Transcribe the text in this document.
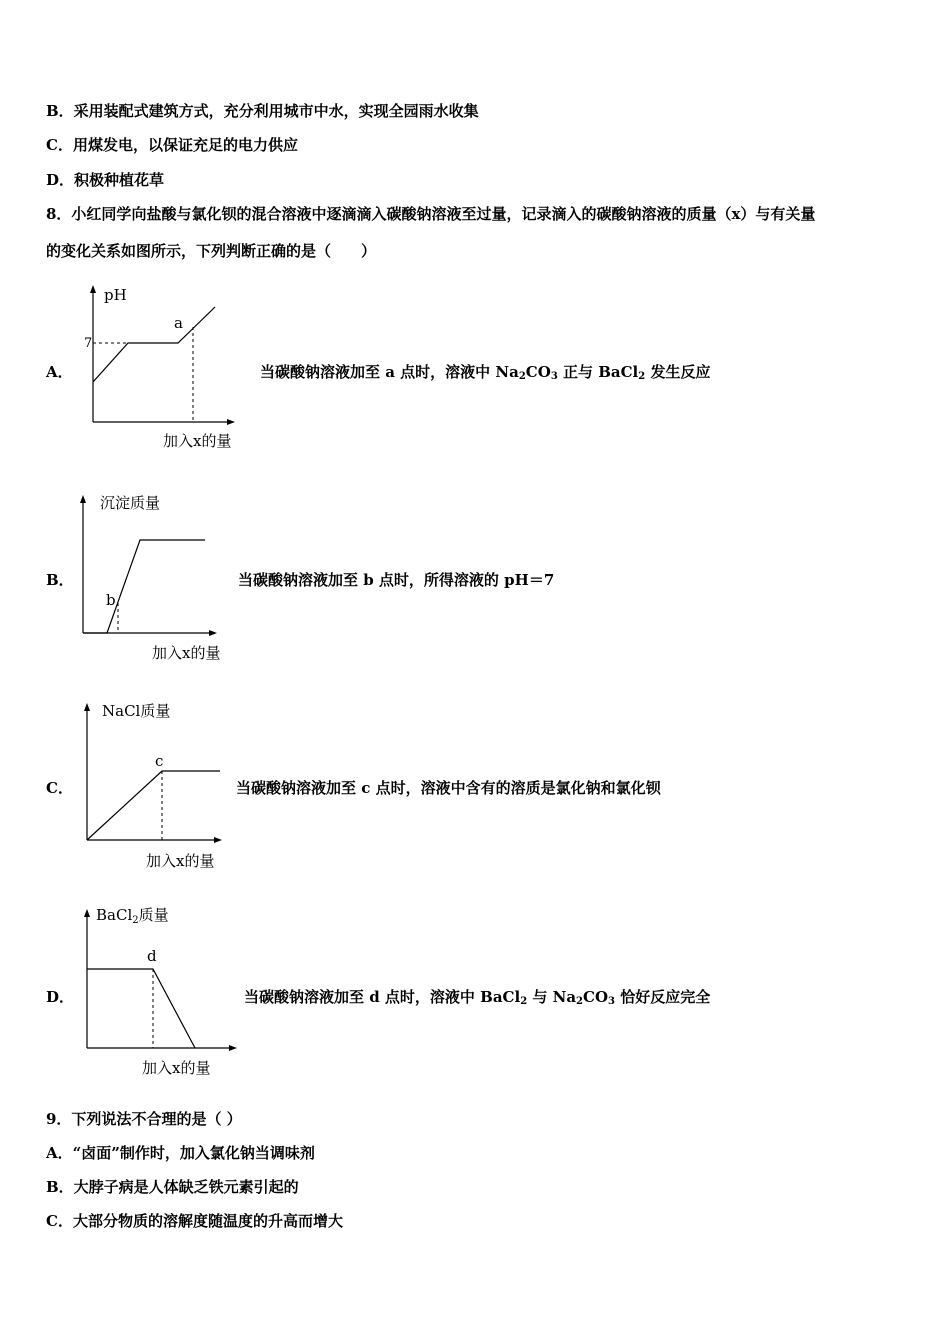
B．采用装配式建筑方式，充分利用城市中水，实现全园雨水收集
C．用煤发电，以保证充足的电力供应
D．积极种植花草
8．小红同学向盐酸与氯化钡的混合溶液中逐滴滴入碳酸钠溶液至过量，记录滴入的碳酸钠溶液的质量（x）与有关量
的变化关系如图所示，下列判断正确的是（　　）
A．
pH
7
a
加入x的量
当碳酸钠溶液加至 a 点时，溶液中 $Na_2CO_3$ 正与 BaCl$_2$ 发生反应
B．
沉淀质量
b
加入x的量
当碳酸钠溶液加至 b 点时，所得溶液的 pH＝7
C．
NaCl质量
c
加入x的量
当碳酸钠溶液加至 c 点时，溶液中含有的溶质是氯化钠和氯化钡
D．
BaCl$_2$质量
d
加入x的量
当碳酸钠溶液加至 d 点时，溶液中 BaCl$_2$ 与 $Na_2CO_3$ 恰好反应完全
9．下列说法不合理的是（ ）
A．“卤面”制作时，加入氯化钠当调味剂
B．大脖子病是人体缺乏铁元素引起的
C．大部分物质的溶解度随温度的升高而增大
